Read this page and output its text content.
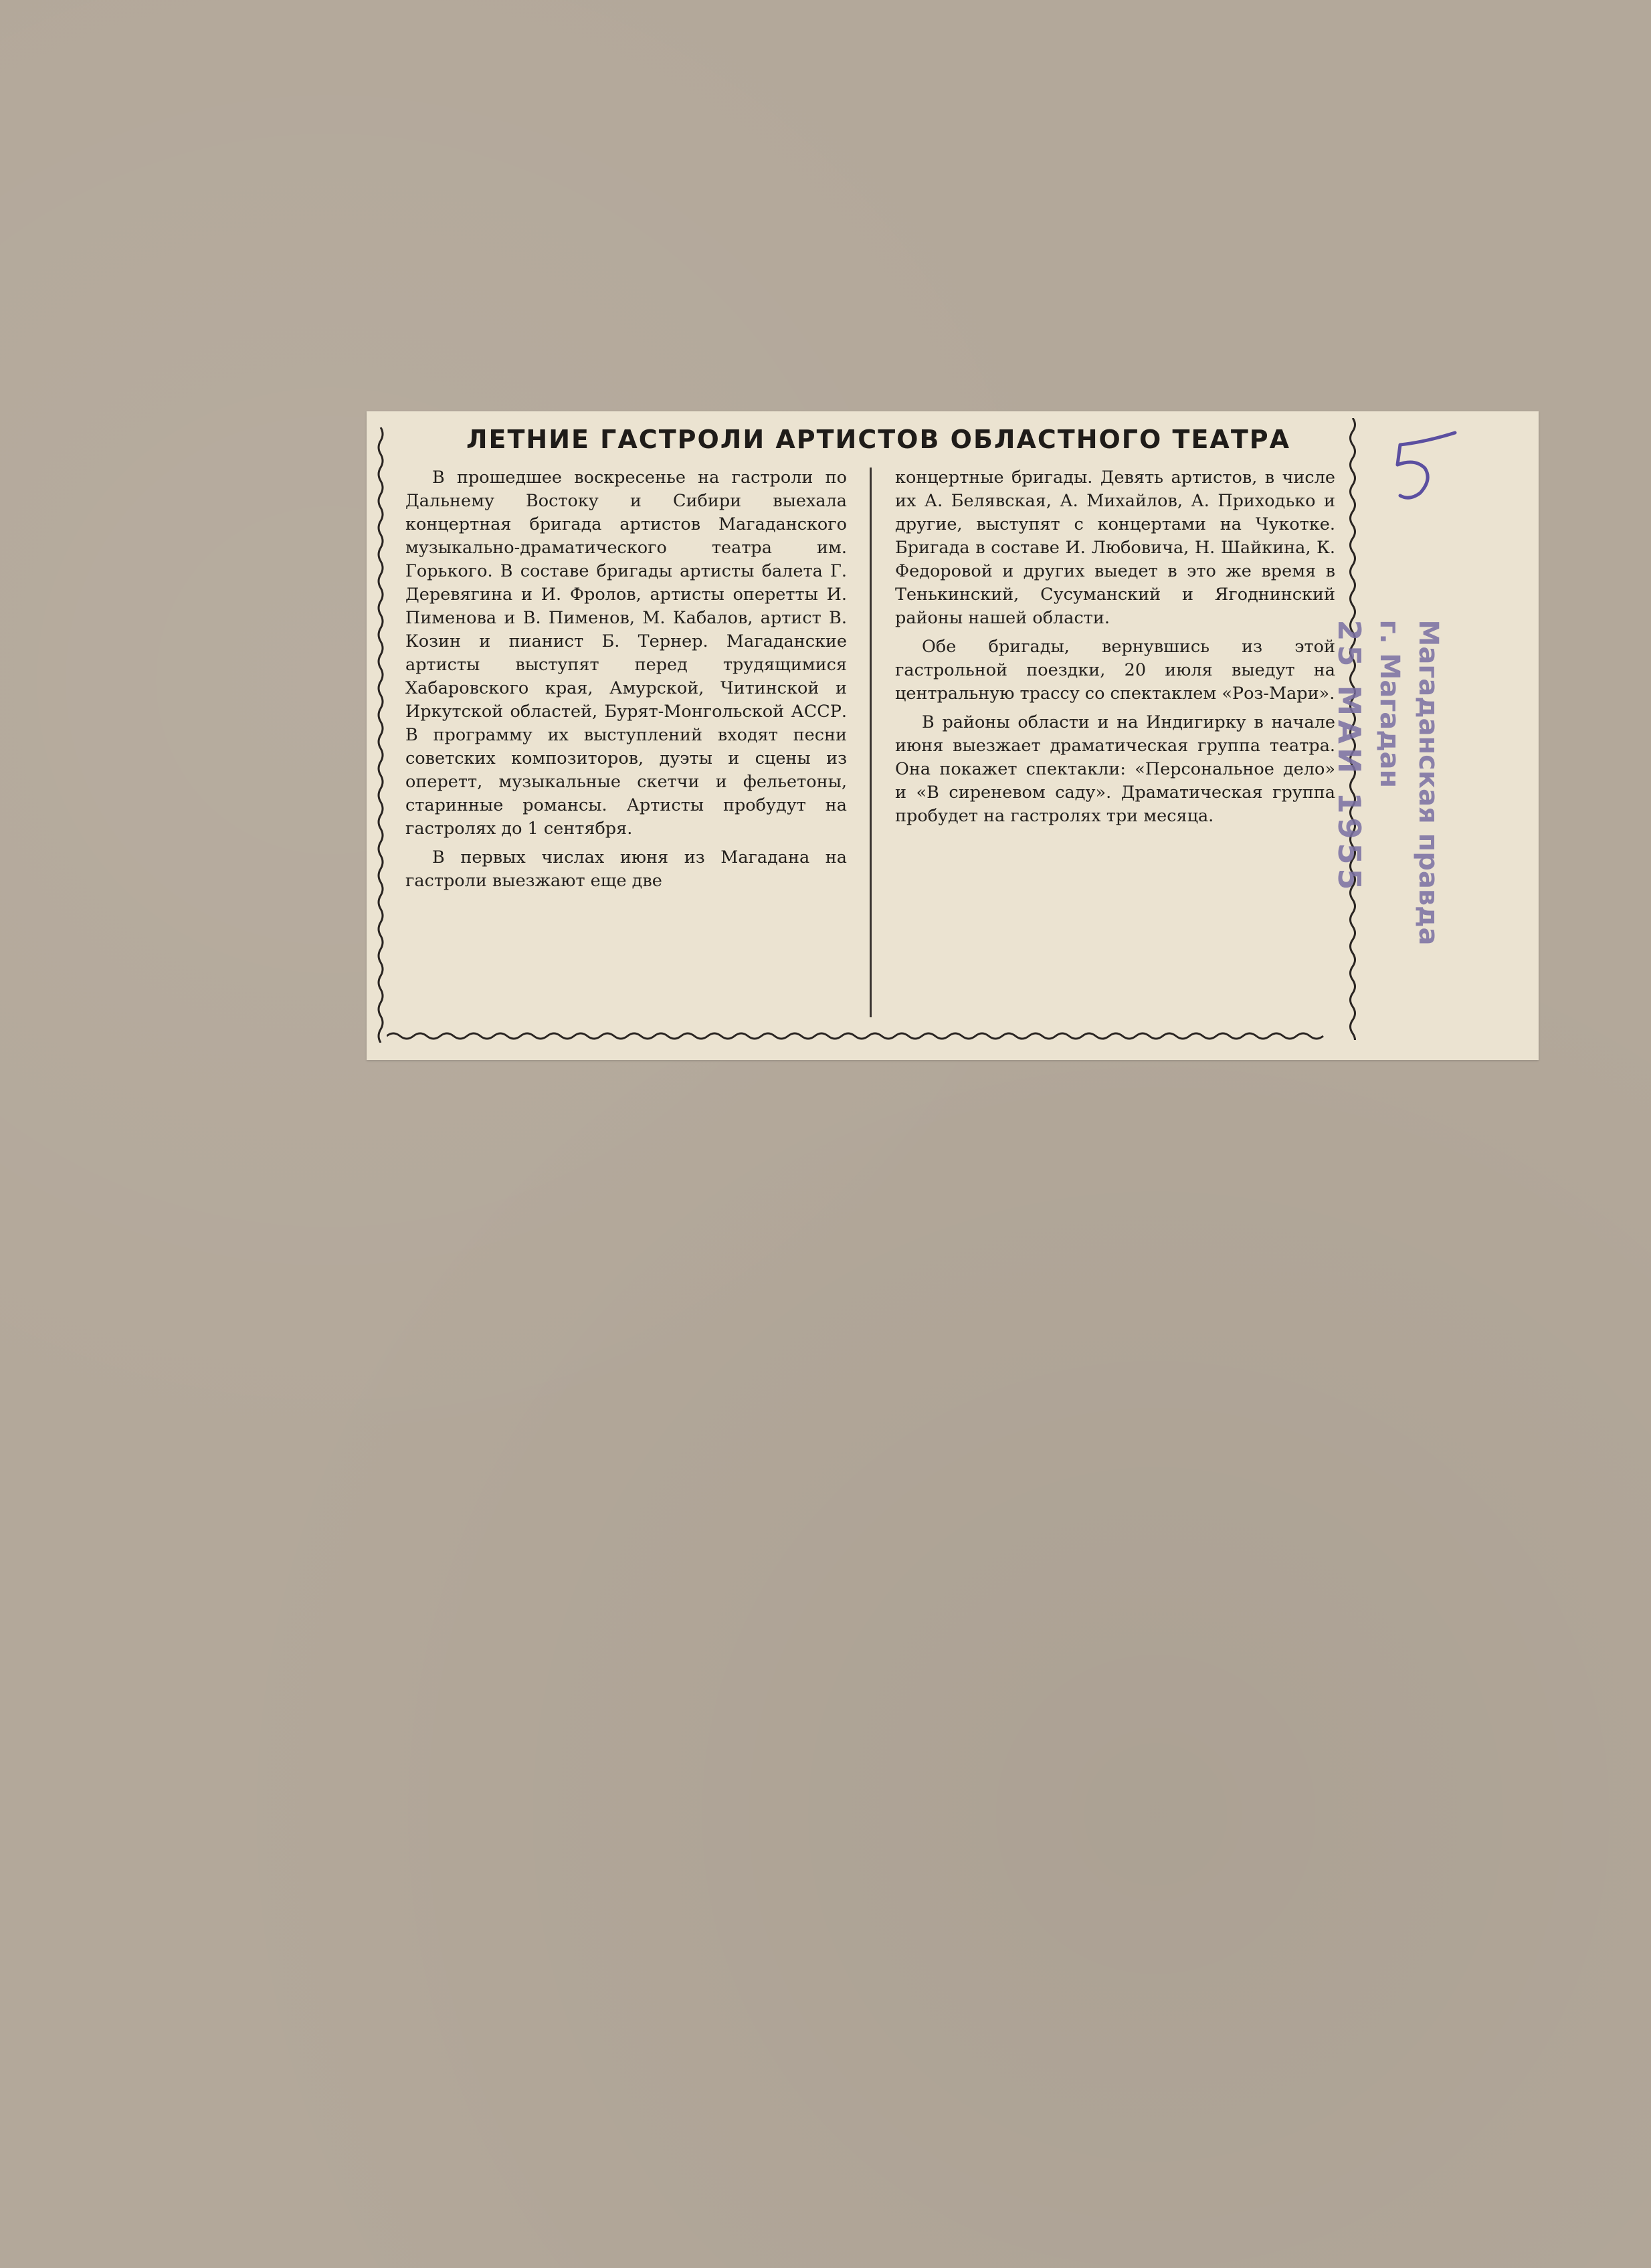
ЛЕТНИЕ ГАСТРОЛИ АРТИСТОВ ОБЛАСТНОГО ТЕАТРА

В прошедшее воскресенье на гастроли по Дальнему Востоку и Сибири выехала концертная бригада артистов Магаданского музыкально-драматического театра им. Горького. В составе бригады артисты балета Г. Деревягина и И. Фролов, артисты оперетты И. Пименова и В. Пименов, М. Кабалов, артист В. Козин и пианист Б. Тернер. Магаданские артисты выступят перед трудящимися Хабаровского края, Амурской, Читинской и Иркутской областей, Бурят-Монгольской АССР. В программу их выступлений входят песни советских композиторов, дуэты и сцены из оперетт, музыкальные скетчи и фельетоны, старинные романсы. Артисты пробудут на гастролях до 1 сентября.

В первых числах июня из Магадана на гастроли выезжают еще две

концертные бригады. Девять артистов, в числе их А. Белявская, А. Михайлов, А. Приходько и другие, выступят с концертами на Чукотке. Бригада в составе И. Любовича, Н. Шайкина, К. Федоровой и других выедет в это же время в Тенькинский, Сусуманский и Ягоднинский районы нашей области.

Обе бригады, вернувшись из этой гастрольной поездки, 20 июля выедут на центральную трассу со спектаклем «Роз-Мари».

В районы области и на Индигирку в начале июня выезжает драматическая группа театра. Она покажет спектакли: «Персональное дело» и «В сиреневом саду». Драматическая группа пробудет на гастролях три месяца.	Магаданская правда
г. Магадан
25 МАИ 1955
